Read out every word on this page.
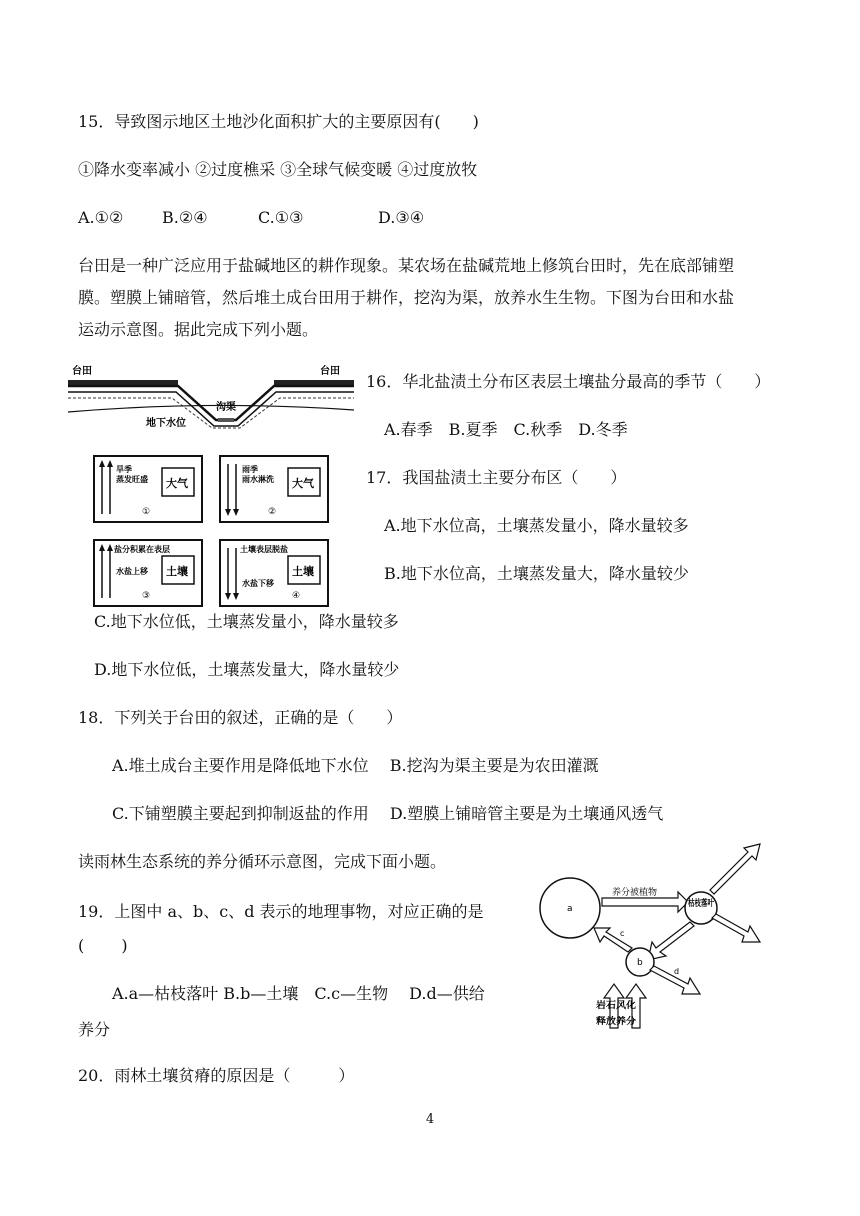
15．导致图示地区土地沙化面积扩大的主要原因有(　　)
①降水变率减小 ②过度樵采 ③全球气候变暖 ④过度放牧
A.①② B.②④	C.①③	D.③④
台田是一种广泛应用于盐碱地区的耕作现象。某农场在盐碱荒地上修筑台田时，先在底部铺塑
膜。塑膜上铺暗管，然后堆土成台田用于耕作，挖沟为渠，放养水生生物。下图为台田和水盐
运动示意图。据此完成下列小题。
台田	台田
沟渠
地下水位
旱季
蒸发旺盛 大气
①
雨季
雨水淋洗 大气
②
盐分积累在表层
水盐上移 土壤
③
土壤表层脱盐
水盐下移
土壤
④
16．华北盐渍土分布区表层土壤盐分最高的季节（　　）
A.春季　B.夏季　C.秋季　D.冬季
17．我国盐渍土主要分布区（　　）
A.地下水位高，土壤蒸发量小，降水量较多
B.地下水位高，土壤蒸发量大，降水量较少
C.地下水位低，土壤蒸发量小，降水量较多
D.地下水位低，土壤蒸发量大，降水量较少
18．下列关于台田的叙述，正确的是（　　）
A.堆土成台主要作用是降低地下水位　 B.挖沟为渠主要是为农田灌溉
C.下铺塑膜主要起到抑制返盐的作用　 D.塑膜上铺暗管主要是为土壤通风透气
读雨林生态系统的养分循环示意图，完成下面小题。
a
养分被植物
枯枝落叶
b
c
d
岩石风化
释放养分
19．上图中 a、b、c、d 表示的地理事物，对应正确的是
(　　 )
A.a—枯枝落叶 B.b—土壤　C.c—生物　 D.d—供给
养分
20．雨林土壤贫瘠的原因是（　　　）
4
